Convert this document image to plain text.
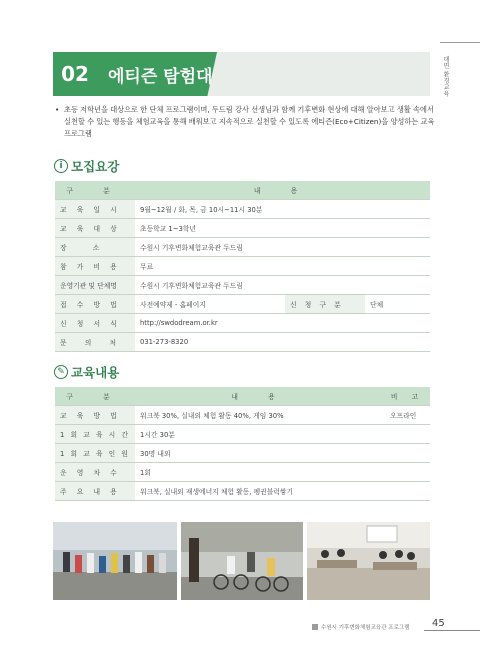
대면 환경교육
02	에티즌 탐험대
• 초등 저학년을 대상으로 한 단체 프로그램이며, 두드림 강사 선생님과 함께 기후변화 현상에 대해 알아보고 생활 속에서 실천할 수 있는 행동을 체험교육을 통해 배워보고 지속적으로 실천할 수 있도록 에티즌(Eco+Citizen)을 양성하는 교육 프로그램
i 모집요강
구 분	내 용		
교 육 일 시	9월~12월 / 화, 목, 금 10시~11시 30분		
교 육 대 상	초등학교 1~3학년		
장 소	수원시 기후변화체험교육관 두드림		
참 가 비 용	무료		
운영기관 및 단체명	수원시 기후변화체험교육관 두드림		
접 수 방 법	사전예약제 - 홈페이지	신 청 구 분	단체
신 청 서 식	http://swdodream.or.kr		
문 의 처	031-273-8320		
✎ 교육내용
구 분	내 용	비 고
교 육 방 법	워크북 30%, 실내외 체험 활동 40%, 게임 30%	오프라인
1 회 교 육 시 간	1시간 30분	
1 회 교 육 인 원	30명 내외	
운 영 차 수	1회	
주 요 내 용	워크북, 실내외 재생에너지 체험 활동, 펭귄블럭쌓기	
수원시 기후변화체험교육관 프로그램 45
